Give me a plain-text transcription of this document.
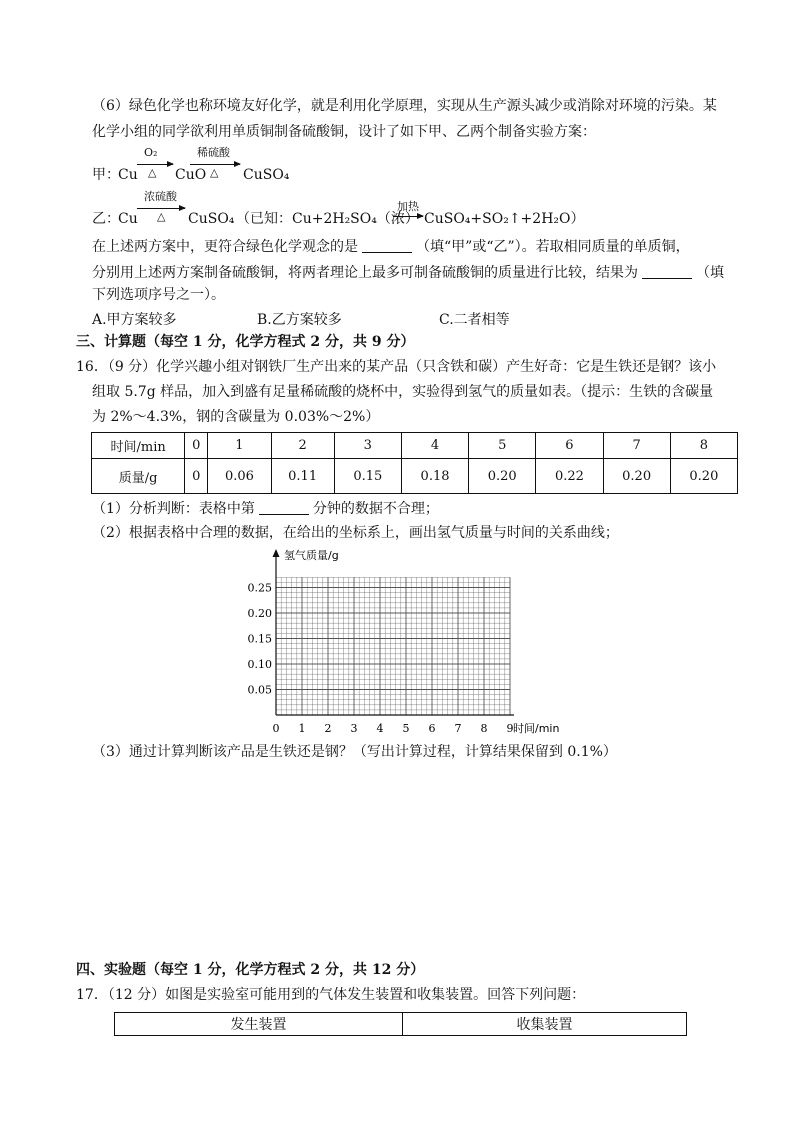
（6）绿色化学也称环境友好化学，就是利用化学原理，实现从生产源头减少或消除对环境的污染。某
化学小组的同学欲利用单质铜制备硫酸铜，设计了如下甲、乙两个制备实验方案：
甲：
Cu
O₂
△ CuO
稀硫酸
△ CuSO₄
乙：
Cu
浓硫酸
△ CuSO₄ （已知：Cu+2H₂SO₄（浓）
加热
CuSO₄+SO₂↑+2H₂O）
在上述两方案中，更符合绿色化学观念的是	（填“甲”或“乙”）。若取相同质量的单质铜，
分别用上述两方案制备硫酸铜，将两者理论上最多可制备硫酸铜的质量进行比较，结果为	（填
下列选项序号之一）。
A.甲方案较多	B.乙方案较多	C.二者相等
三、计算题（每空 1 分，化学方程式 2 分，共 9 分）
16．（9 分）化学兴趣小组对钢铁厂生产出来的某产品（只含铁和碳）产生好奇：它是生铁还是钢？该小
组取 5.7g 样品，加入到盛有足量稀硫酸的烧杯中，实验得到氢气的质量如表。（提示：生铁的含碳量
为 2%～4.3%，钢的含碳量为 0.03%～2%）
时间/min	0	1	2	3	4	5	6	7	8
质量/g	0	0.06	0.11	0.15	0.18	0.20	0.22	0.20	0.20
（1）分析判断：表格中第	分钟的数据不合理；
（2）根据表格中合理的数据，在给出的坐标系上，画出氢气质量与时间的关系曲线；
0.25
0.20
0.15
0.10
0.05
0 1 2 3 4 5 6 7 8 9
氢气质量/g
时间/min
（3）通过计算判断该产品是生铁还是钢？（写出计算过程，计算结果保留到 0.1%）
四、实验题（每空 1 分，化学方程式 2 分，共 12 分）
17．（12 分）如图是实验室可能用到的气体发生装置和收集装置。回答下列问题：
发生装置	收集装置
